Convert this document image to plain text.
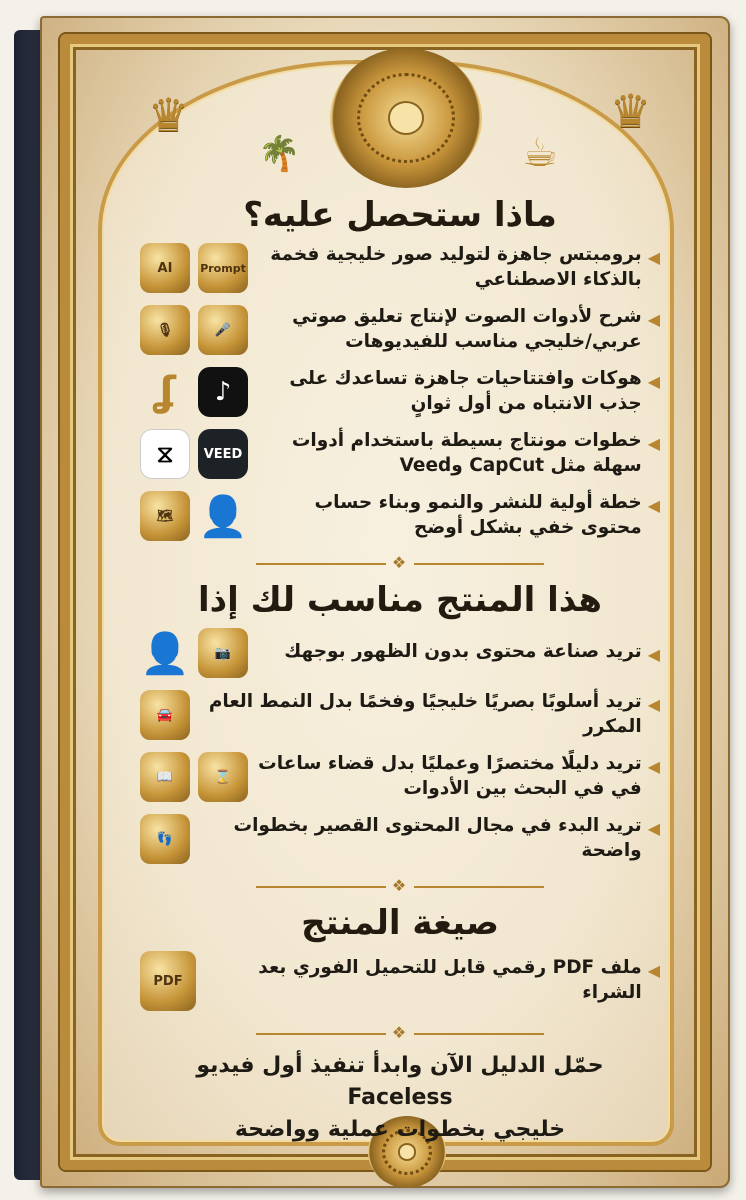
♛	♛
🌴	☕
ماذا ستحصل عليه؟
◀
برومبتس جاهزة لتوليد صور خليجية فخمة بالذكاء الاصطناعي
AI	Prompt
◀
شرح لأدوات الصوت لإنتاج تعليق صوتي عربي/خليجي مناسب للفيديوهات
🎙	🎤
◀
هوكات وافتتاحيات جاهزة تساعدك على جذب الانتباه من أول ثوانٍ
ʆ	♪
◀
خطوات مونتاج بسيطة باستخدام أدوات سهلة مثل CapCut وVeed
⧖	VEED
◀
خطة أولية للنشر والنمو وبناء حساب محتوى خفي بشكل أوضح
🗺 👤
❖
هذا المنتج مناسب لك إذا
◀
تريد صناعة محتوى بدون الظهور بوجهك
👤	📷
◀
تريد أسلوبًا بصريًا خليجيًا وفخمًا بدل النمط العام المكرر
🚘
◀
تريد دليلًا مختصرًا وعمليًا بدل قضاء ساعات في في البحث بين الأدوات
📖	⌛
◀
تريد البدء في مجال المحتوى القصير بخطوات واضحة
👣
❖
صيغة المنتج
◀
ملف PDF رقمي قابل للتحميل الفوري بعد الشراء
PDF
❖
حمّل الدليل الآن وابدأ تنفيذ أول فيديو Faceless
خليجي بخطوات عملية وواضحة
